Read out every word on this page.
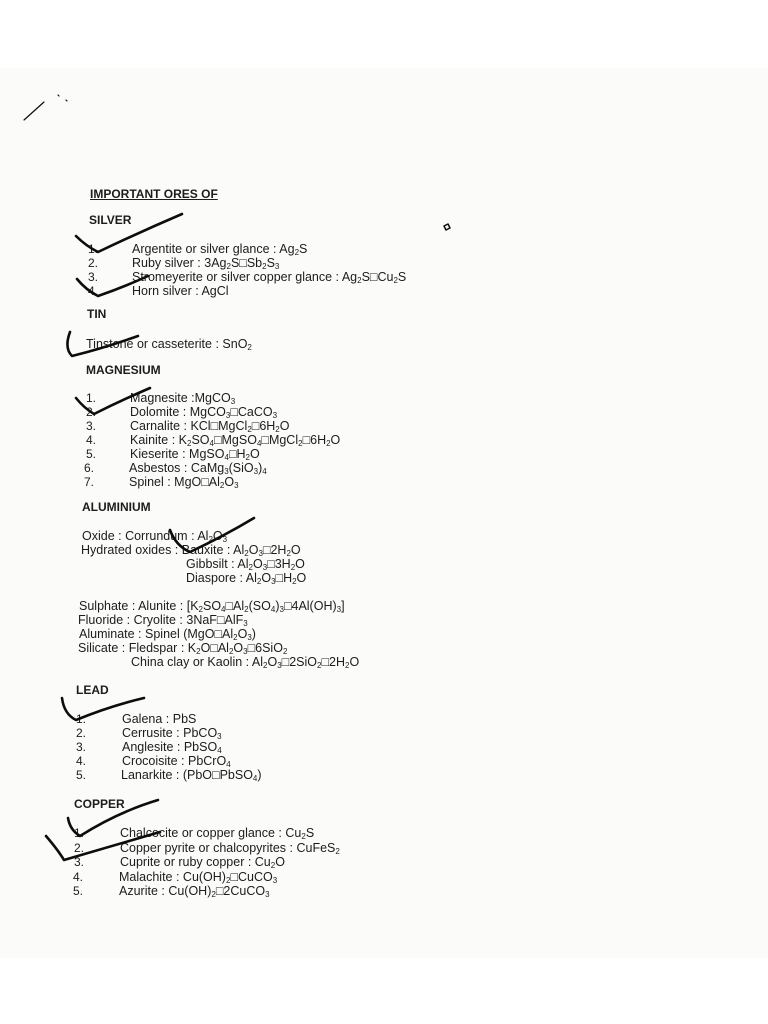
IMPORTANT ORES OF
SILVER
1.	Argentite or silver glance : $Ag_2S$
2.	Ruby silver : $3Ag_2S□Sb_2S_3$
3.	Stromeyerite or silver copper glance : $Ag_2S□Cu_2S$
4.	Horn silver : AgCl
TIN
Tinstone or casseterite : SnO$_2$
MAGNESIUM
1.	Magnesite :MgCO$_3$
2.	Dolomite : MgCO$_3$□CaCO$_3$
3.	Carnalite : $KCl□MgCl_2□6H_2O$
4.	Kainite : $K_2SO_4□MgSO_4□MgCl_2□6H_2O$
5.	Kieserite : $MgSO_4□H_2O$
6.	Asbestos : $CaMg_3(SiO_3)_4$
7.	Spinel : $MgO□Al_2O_3$
ALUMINIUM
Oxide : Corrundum : $Al_2O_3$
Hydrated oxides : Bauxite : $Al_2O_3□2H_2O$
Gibbsilt : $Al_2O_3□3H_2O$
Diaspore : $Al_2O_3□H_2O$
Sulphate : Alunite : $[K_2SO_4□Al_2(SO_4)_3□4Al(OH)_3]$
Fluoride : Cryolite : 3NaF□AlF$_3$
Aluminate : Spinel $(MgO□Al_2O_3)$
Silicate : Fledspar : $K_2O□Al_2O_3□6SiO_2$
China clay or Kaolin : $Al_2O_3□2SiO_2□2H_2O$
LEAD
1.	Galena : PbS
2.	Cerrusite : PbCO$_3$
3.	Anglesite : PbSO$_4$
4.	Crocoisite : PbCrO$_4$
5.	Lanarkite : (PbO□PbSO$_4$)
COPPER
1.	Chalcocite or copper glance : $Cu_2S$
2.	Copper pyrite or chalcopyrites : CuFeS$_2$
3.	Cuprite or ruby copper : $Cu_2O$
4.	Malachite : $Cu(OH)_2□CuCO_3$
5.	Azurite : $Cu(OH)_2□2CuCO_3$
